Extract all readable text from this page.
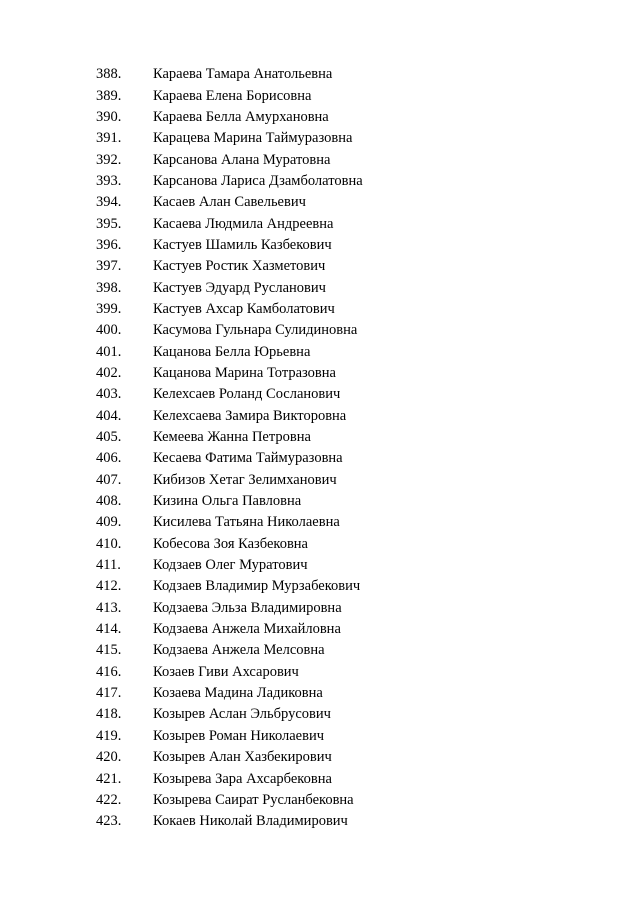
388.	Караева Тамара Анатольевна
389.	Караева Елена Борисовна
390.	Караева Белла Амурхановна
391.	Карацева Марина Таймуразовна
392.	Карсанова Алана Муратовна
393.	Карсанова Лариса Дзамболатовна
394.	Касаев Алан Савельевич
395.	Касаева Людмила Андреевна
396.	Кастуев Шамиль Казбекович
397.	Кастуев Ростик Хазметович
398.	Кастуев Эдуард Русланович
399.	Кастуев Ахсар Камболатович
400.	Касумова Гульнара Сулидиновна
401.	Кацанова Белла Юрьевна
402.	Кацанова Марина Тотразовна
403.	Келехсаев Роланд Сосланович
404.	Келехсаева Замира Викторовна
405.	Кемеева Жанна Петровна
406.	Кесаева Фатима Таймуразовна
407.	Кибизов Хетаг Зелимханович
408.	Кизина Ольга Павловна
409.	Кисилева Татьяна Николаевна
410.	Кобесова Зоя Казбековна
411.	Кодзаев Олег Муратович
412.	Кодзаев Владимир Мурзабекович
413.	Кодзаева Эльза Владимировна
414.	Кодзаева Анжела Михайловна
415.	Кодзаева Анжела Мелсовна
416.	Козаев Гиви Ахсарович
417.	Козаева Мадина Ладиковна
418.	Козырев Аслан Эльбрусович
419.	Козырев Роман Николаевич
420.	Козырев Алан Хазбекирович
421.	Козырева Зара Ахсарбековна
422.	Козырева Саират Русланбековна
423.	Кокаев Николай Владимирович
